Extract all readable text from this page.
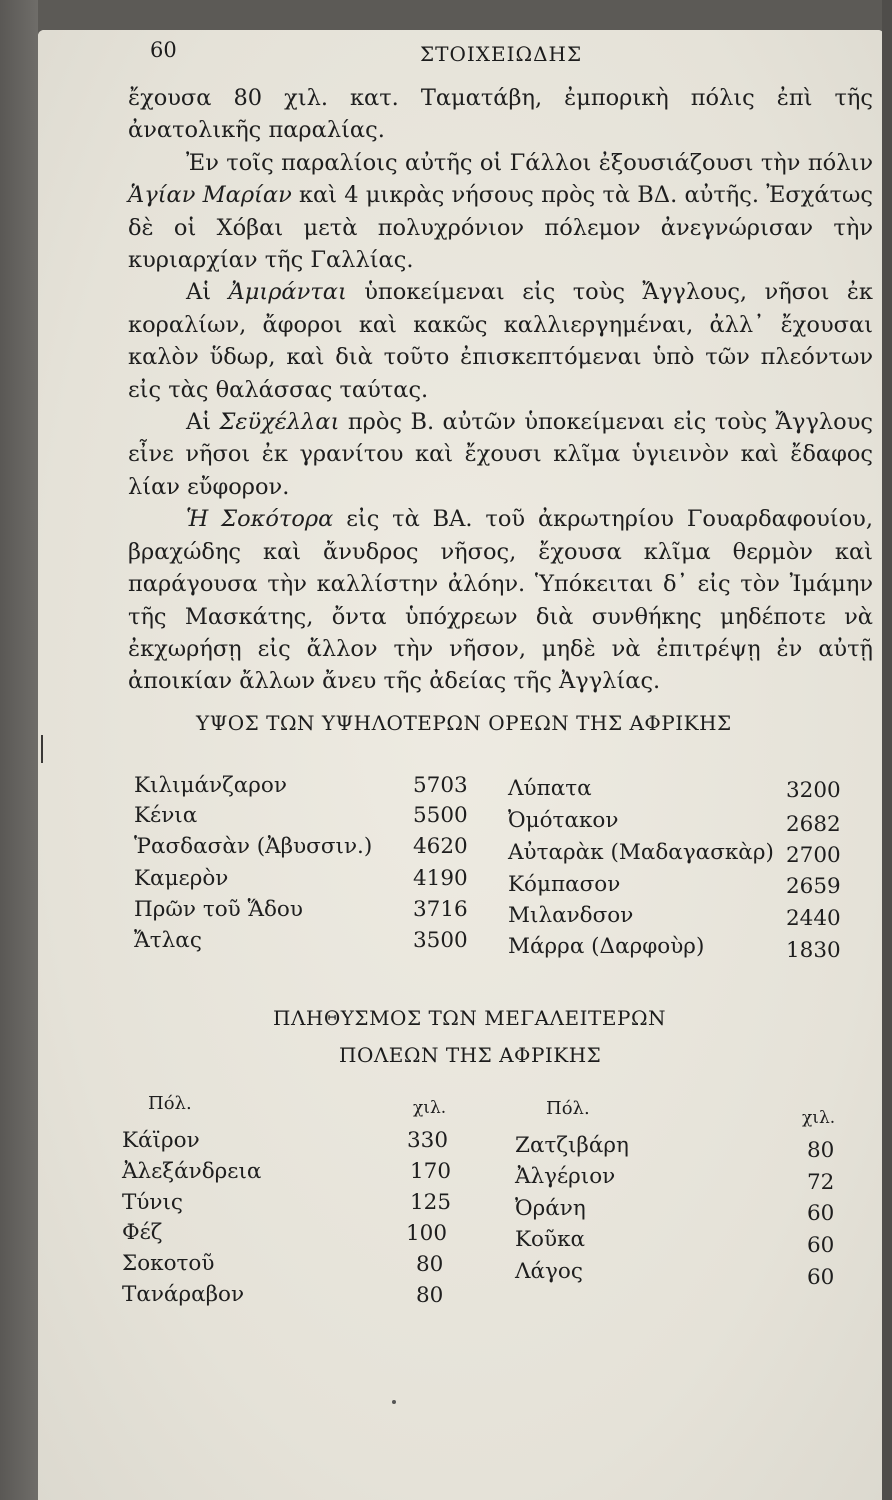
60	ΣΤΟΙΧΕΙΩΔΗΣ

ἔχουσα 80 χιλ. κατ. Ταματάβη, ἐμπορικὴ πόλις ἐπὶ τῆς ἀνατολικῆς παραλίας.

Ἐν τοῖς παραλίοις αὐτῆς οἱ Γάλλοι ἐξουσιάζουσι τὴν πόλιν Ἁγίαν Μαρίαν καὶ 4 μικρὰς νήσους πρὸς τὰ ΒΔ. αὐτῆς. Ἐσχάτως δὲ οἱ Χόβαι μετὰ πολυχρόνιον πόλεμον ἀνεγνώρισαν τὴν κυριαρχίαν τῆς Γαλλίας.

Αἱ Ἀμιράνται ὑποκείμεναι εἰς τοὺς Ἄγγλους, νῆσοι ἐκ κοραλίων, ἄφοροι καὶ κακῶς καλλιεργημέναι, ἀλλ᾽ ἔχουσαι καλὸν ὕδωρ, καὶ διὰ τοῦτο ἐπισκεπτόμεναι ὑπὸ τῶν πλεόντων εἰς τὰς θαλάσσας ταύτας.

Αἱ Σεϋχέλλαι πρὸς Β. αὐτῶν ὑποκείμεναι εἰς τοὺς Ἄγγλους εἶνε νῆσοι ἐκ γρανίτου καὶ ἔχουσι κλῖμα ὑγιεινὸν καὶ ἔδαφος λίαν εὔφορον.

Ἡ Σοκότορα εἰς τὰ ΒΑ. τοῦ ἀκρωτηρίου Γουαρδαφουίου, βραχώδης καὶ ἄνυδρος νῆσος, ἔχουσα κλῖμα θερμὸν καὶ παράγουσα τὴν καλλίστην ἀλόην. Ὑπόκειται δ᾽ εἰς τὸν Ἰμάμην τῆς Μασκάτης, ὄντα ὑπόχρεων διὰ συνθήκης μηδέποτε νὰ ἐκχωρήσῃ εἰς ἄλλον τὴν νῆσον, μηδὲ νὰ ἐπιτρέψῃ ἐν αὐτῇ ἀποικίαν ἄλλων ἄνευ τῆς ἀδείας τῆς Ἀγγλίας.

ΥΨΟΣ ΤΩΝ ΥΨΗΛΟΤΕΡΩΝ ΟΡΕΩΝ ΤΗΣ ΑΦΡΙΚΗΣ
Κιλιμάνζαρον	5703
Κένια	5500
Ῥασδασὰν (Ἀβυσσιν.) 4620
Καμερὸν	4190
Πρῶν τοῦ Ἅδου	3716
Ἄτλας	3500
Λύπατα	3200
Ὀμότακον	2682
Αὐταρὰκ (Μαδαγασκὰρ) 2700
Κόμπασον	2659
Μιλανδσον	2440
Μάρρα (Δαρφοὺρ)	1830
ΠΛΗΘΥΣΜΟΣ ΤΩΝ ΜΕΓΑΛΕΙΤΕΡΩΝ
ΠΟΛΕΩΝ ΤΗΣ ΑΦΡΙΚΗΣ
Πόλ.	χιλ.	Πόλ.	χιλ.
Κάϊρον	330
Ἀλεξάνδρεια	170
Τύνις	125
Φέζ	100
Σοκοτοῦ	80
Τανάραβον	80
Ζατζιβάρη	80
Ἀλγέριον	72
Ὀράνη	60
Κοῦκα	60
Λάγος	60
